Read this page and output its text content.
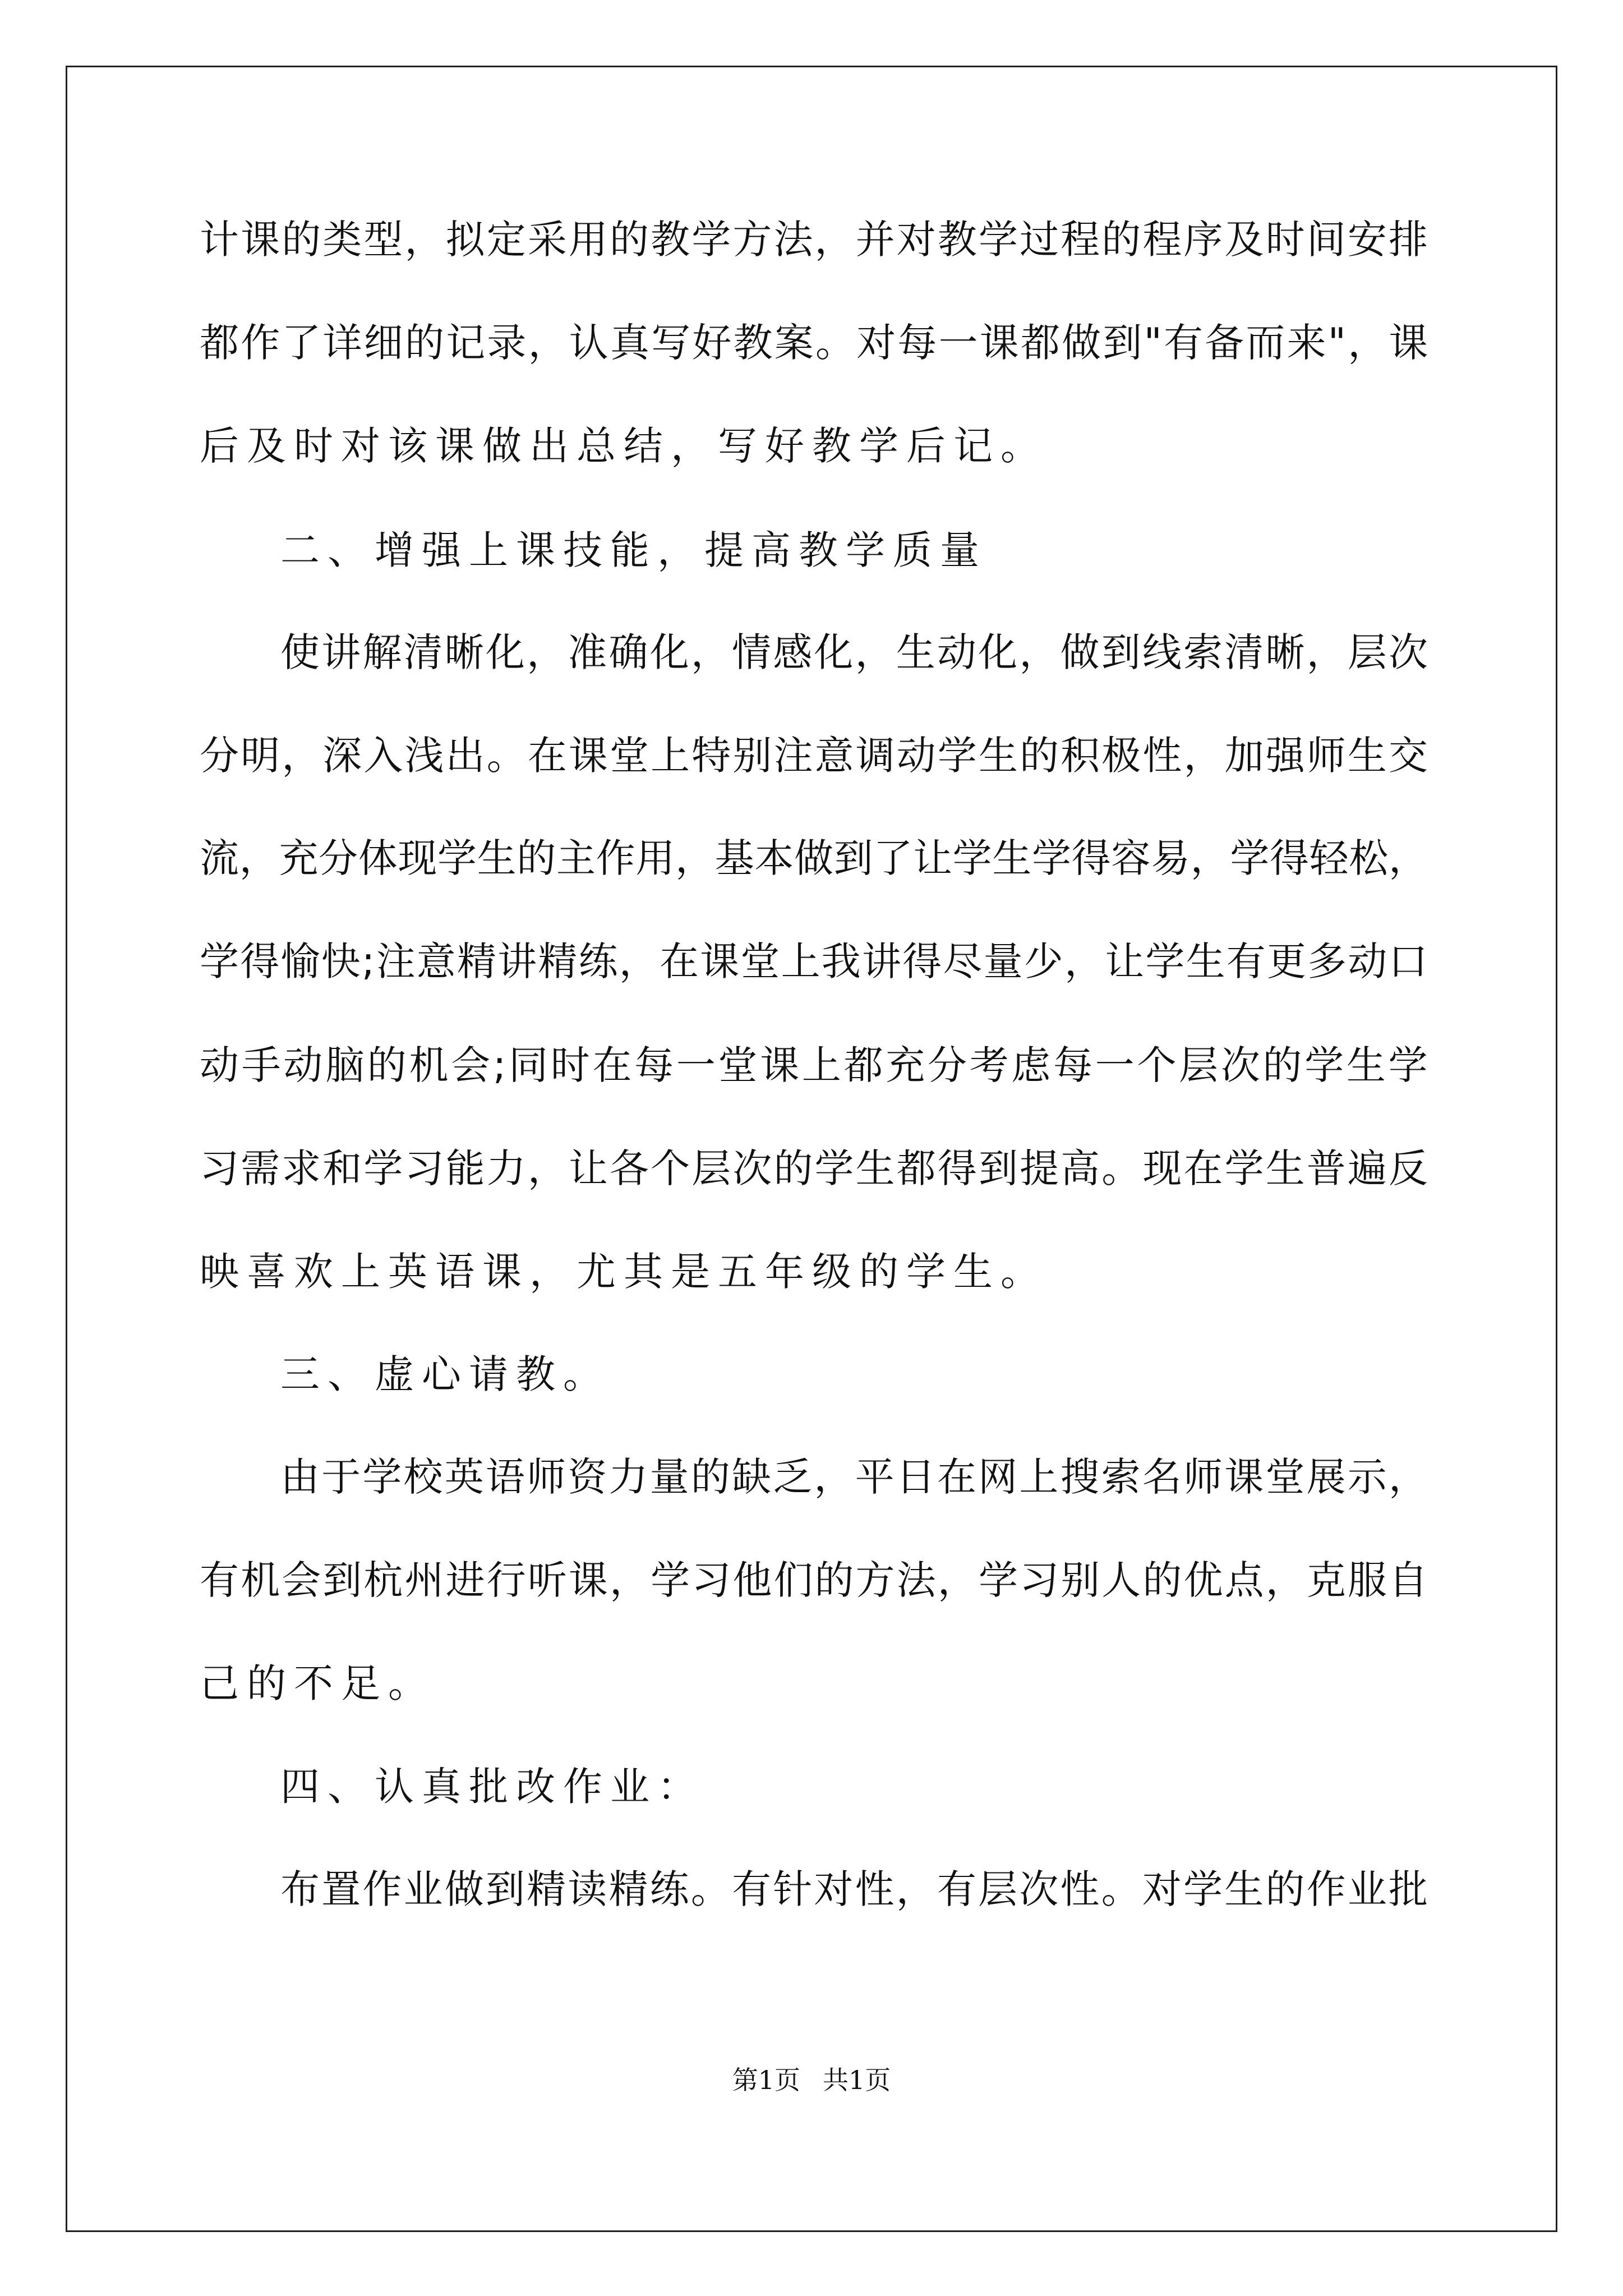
计课的类型，拟定采用的教学方法，并对教学过程的程序及时间安排
都作了详细的记录，认真写好教案。对每一课都做到"有备而来"，课
后及时对该课做出总结，写好教学后记。
二、增强上课技能，提高教学质量
使讲解清晰化，准确化，情感化，生动化，做到线索清晰，层次
分明，深入浅出。在课堂上特别注意调动学生的积极性，加强师生交
流，充分体现学生的主作用，基本做到了让学生学得容易，学得轻松，
学得愉快;注意精讲精练，在课堂上我讲得尽量少，让学生有更多动口
动手动脑的机会;同时在每一堂课上都充分考虑每一个层次的学生学
习需求和学习能力，让各个层次的学生都得到提高。现在学生普遍反
映喜欢上英语课，尤其是五年级的学生。
三、虚心请教。
由于学校英语师资力量的缺乏，平日在网上搜索名师课堂展示，
有机会到杭州进行听课，学习他们的方法，学习别人的优点，克服自
己的不足。
四、认真批改作业：
布置作业做到精读精练。有针对性，有层次性。对学生的作业批
第1页 共1页
